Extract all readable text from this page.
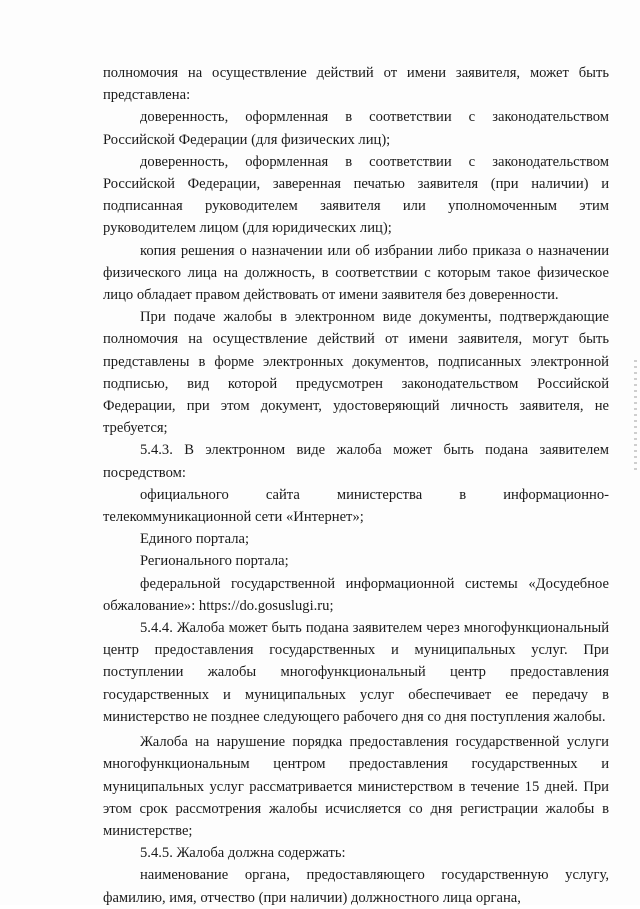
полномочия на осуществление действий от имени заявителя, может быть представлена:

доверенность, оформленная в соответствии с законодательством Российской Федерации (для физических лиц);

доверенность, оформленная в соответствии с законодательством Российской Федерации, заверенная печатью заявителя (при наличии) и подписанная руководителем заявителя или уполномоченным этим руководителем лицом (для юридических лиц);

копия решения о назначении или об избрании либо приказа о назначении физического лица на должность, в соответствии с которым такое физическое лицо обладает правом действовать от имени заявителя без доверенности.

При подаче жалобы в электронном виде документы, подтверждающие полномочия на осуществление действий от имени заявителя, могут быть представлены в форме электронных документов, подписанных электронной подписью, вид которой предусмотрен законодательством Российской Федерации, при этом документ, удостоверяющий личность заявителя, не требуется;

5.4.3. В электронном виде жалоба может быть подана заявителем посредством:

официального сайта министерства в информационно-телекоммуникационной сети «Интернет»;

Единого портала;

Регионального портала;

федеральной государственной информационной системы «Досудебное обжалование»: https://do.gosuslugi.ru;

5.4.4. Жалоба может быть подана заявителем через многофункциональный центр предоставления государственных и муниципальных услуг. При поступлении жалобы многофункциональный центр предоставления государственных и муниципальных услуг обеспечивает ее передачу в министерство не позднее следующего рабочего дня со дня поступления жалобы.

Жалоба на нарушение порядка предоставления государственной услуги многофункциональным центром предоставления государственных и муниципальных услуг рассматривается министерством в течение 15 дней. При этом срок рассмотрения жалобы исчисляется со дня регистрации жалобы в министерстве;

5.4.5. Жалоба должна содержать:

наименование органа, предоставляющего государственную услугу, фамилию, имя, отчество (при наличии) должностного лица органа,
